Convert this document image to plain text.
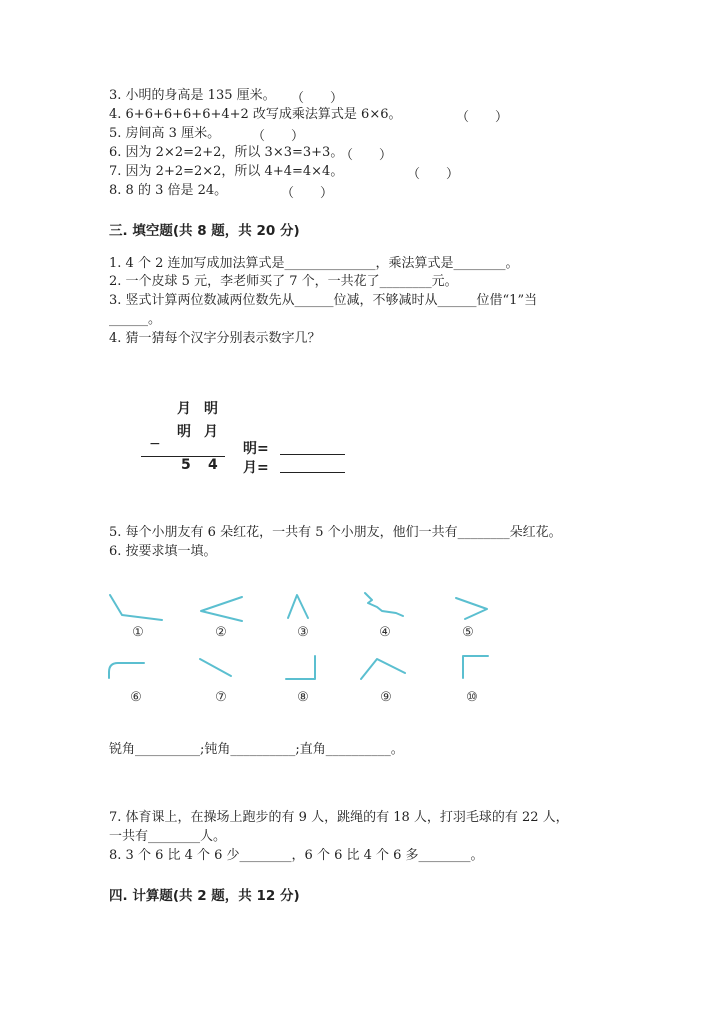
3. 小明的身高是 135 厘米。 （　　）
4. 6+6+6+6+6+4+2 改写成乘法算式是 6×6。	（　　）
5. 房间高 3 厘米。 （　　）
6. 因为 2×2=2+2，所以 3×3=3+3。
（　　）
7. 因为 2+2=2×2，所以 4+4=4×4。	（　　）
8. 8 的 3 倍是 24。	（　　）
三. 填空题(共 8 题，共 20 分)
1. 4 个 2 连加写成加法算式是______________，乘法算式是________。
2. 一个皮球 5 元，李老师买了 7 个，一共花了________元。
3. 竖式计算两位数减两位数先从______位减，不够减时从______位借“1”当
______。
4. 猜一猜每个汉字分别表示数字几？
月 明
明 月
−
5 4
明=
月=
5. 每个小朋友有 6 朵红花，一共有 5 个小朋友，他们一共有________朵红花。
6. 按要求填一填。
①	②	③	④	⑤
⑥	⑦	⑧	⑨	⑩
锐角__________;钝角__________;直角__________。
7. 体育课上，在操场上跑步的有 9 人，跳绳的有 18 人，打羽毛球的有 22 人，
一共有________人。
8. 3 个 6 比 4 个 6 少________，6 个 6 比 4 个 6 多________。
四. 计算题(共 2 题，共 12 分)
